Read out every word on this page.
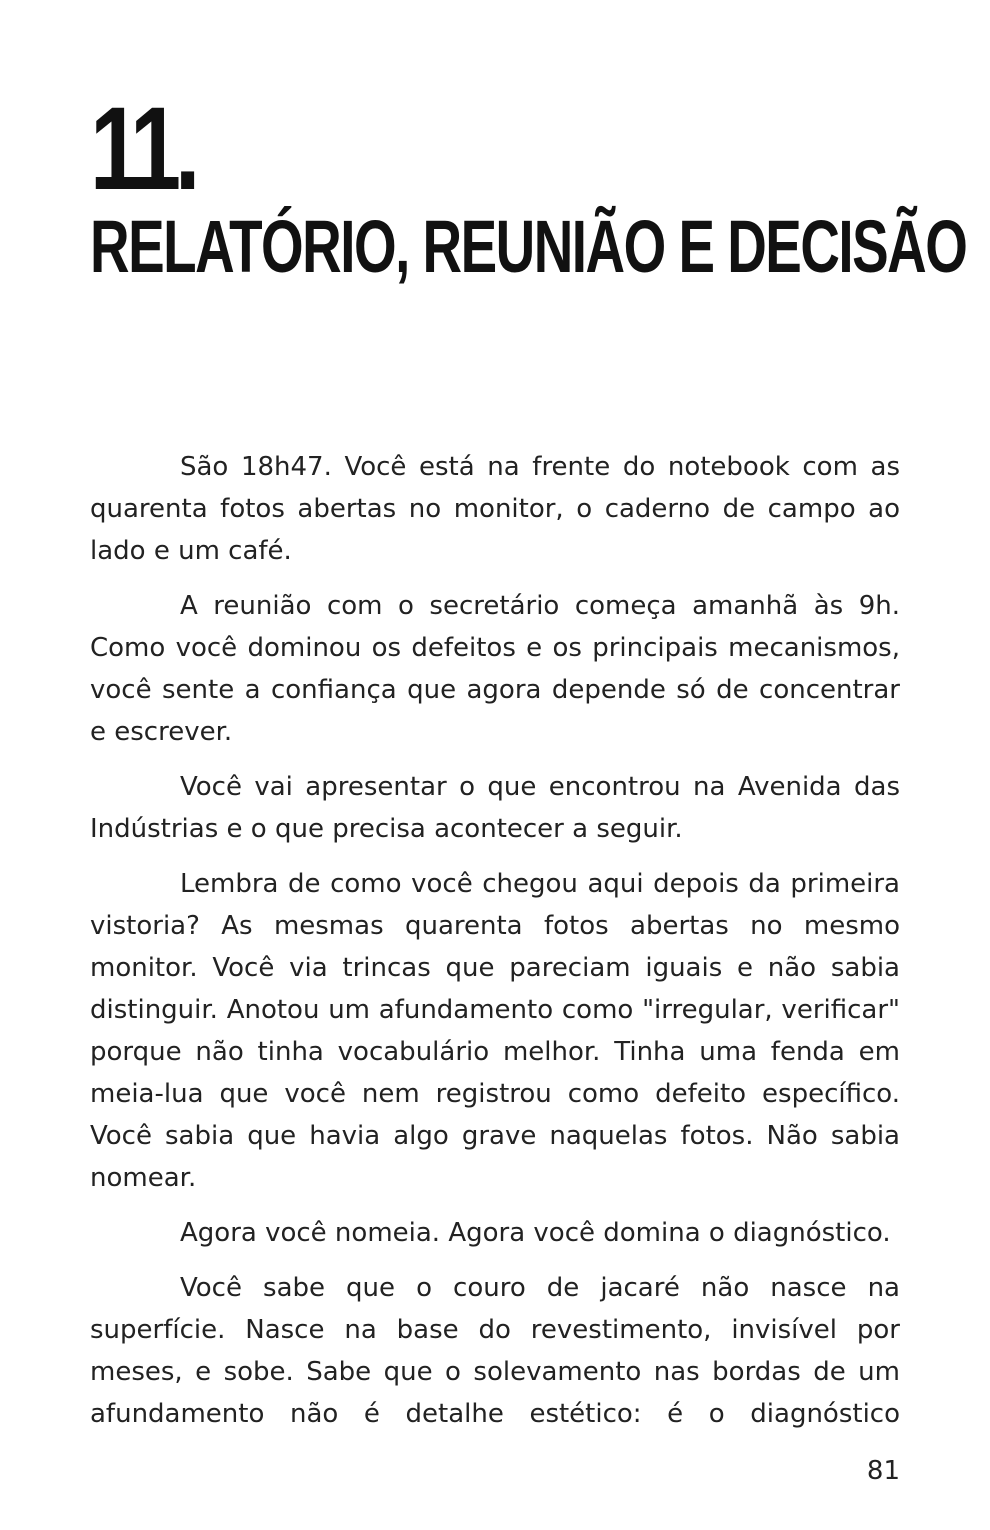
11.
RELATÓRIO, REUNIÃO E DECISÃO

São 18h47. Você está na frente do notebook com as quarenta fotos abertas no monitor, o caderno de campo ao lado e um café.

A reunião com o secretário começa amanhã às 9h. Como você dominou os defeitos e os principais mecanismos, você sente a confiança que agora depende só de concentrar e escrever.

Você vai apresentar o que encontrou na Avenida das Indústrias e o que precisa acontecer a seguir.

Lembra de como você chegou aqui depois da primeira vistoria? As mesmas quarenta fotos abertas no mesmo monitor. Você via trincas que pareciam iguais e não sabia distinguir. Anotou um afundamento como "irregular, verificar" porque não tinha vocabulário melhor. Tinha uma fenda em meia-lua que você nem registrou como defeito específico. Você sabia que havia algo grave naquelas fotos. Não sabia nomear.

Agora você nomeia. Agora você domina o diagnóstico.

Você sabe que o couro de jacaré não nasce na superfície. Nasce na base do revestimento, invisível por meses, e sobe. Sabe que o solevamento nas bordas de um afundamento não é detalhe estético: é o diagnóstico

81
